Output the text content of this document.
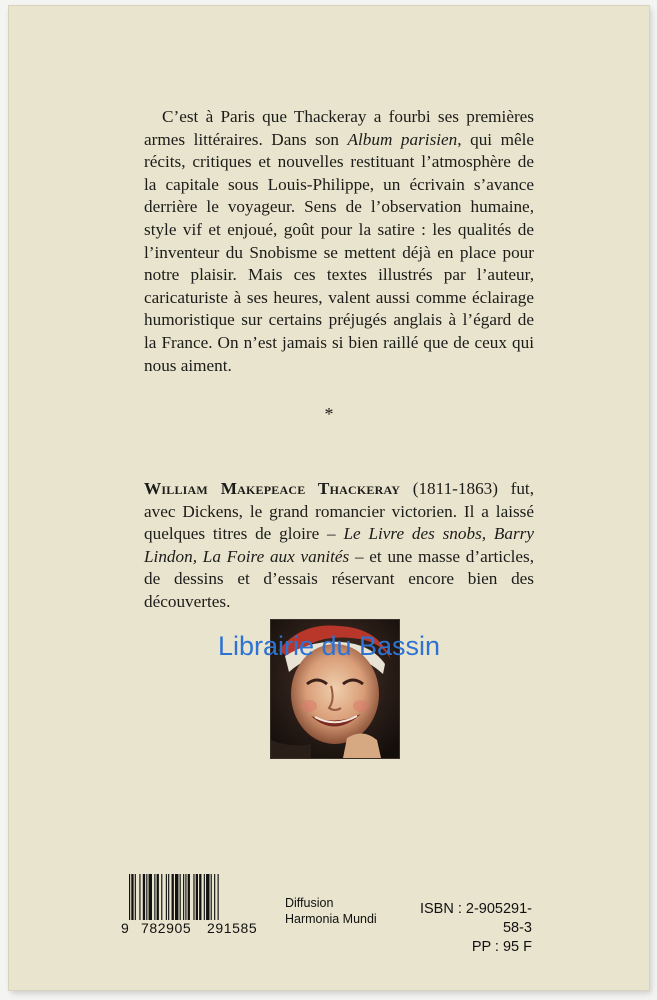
C’est à Paris que Thackeray a fourbi ses premières armes littéraires. Dans son Album parisien, qui mêle récits, critiques et nouvelles restituant l’atmosphère de la capitale sous Louis-Philippe, un écrivain s’avance derrière le voyageur. Sens de l’observation humaine, style vif et enjoué, goût pour la satire : les qualités de l’inventeur du Snobisme se mettent déjà en place pour notre plaisir. Mais ces textes illustrés par l’auteur, caricaturiste à ses heures, valent aussi comme éclairage humoristique sur certains préjugés anglais à l’égard de la France. On n’est jamais si bien raillé que de ceux qui nous aiment.

*

William Makepeace Thackeray (1811-1863) fut, avec Dickens, le grand romancier victorien. Il a laissé quelques titres de gloire – Le Livre des snobs, Barry Lindon, La Foire aux vanités – et une masse d’articles, de dessins et d’essais réservant encore bien des découvertes.

Librairie du Bassin
9 782905	291585
Diffusion
Harmonia Mundi
ISBN : 2-905291-58-3
PP : 95 F
